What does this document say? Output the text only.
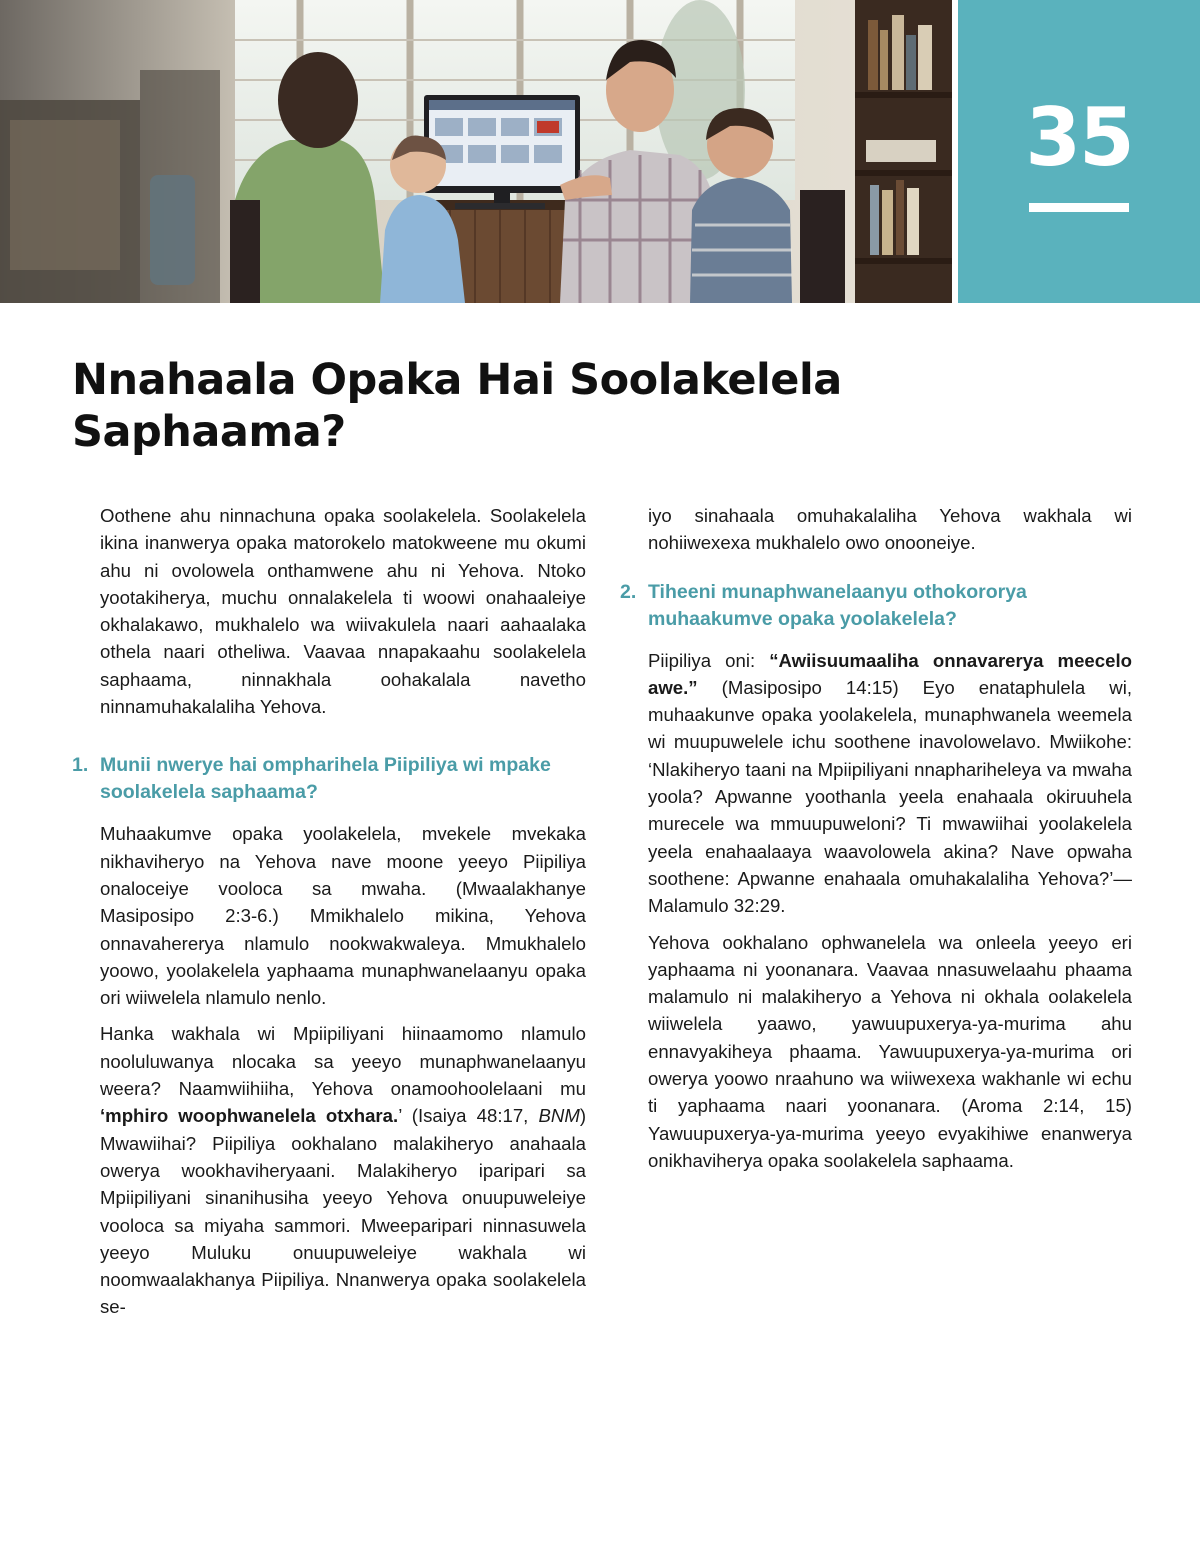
35
Nnahaala Opaka Hai Soolakelela
Saphaama?

Oothene ahu ninnachuna opaka soolakelela. Soolakelela ikina inanwerya opaka matorokelo matokweene mu okumi ahu ni ovolowela onthamwene ahu ni Yehova. Ntoko yootakiherya, muchu onnalakelela ti woowi onahaaleiye okhalakawo, mukhalelo wa wiivakulela naari aahaalaka othela naari otheliwa. Vaavaa nnapakaahu soolakelela saphaama, ninnakhala oohakalala navetho ninnamuhakalaliha Yehova.

1. Munii nwerye hai ompharihela Piipiliya wi mpake soolakelela saphaama?

Muhaakumve opaka yoolakelela, mvekele mvekaka nikhaviheryo na Yehova nave moone yeeyo Piipiliya onaloceiye vooloca sa mwaha. (Mwaalakhanye Masiposipo 2:3-6.) Mmikhalelo mikina, Yehova onnavahererya nlamulo nookwakwaleya. Mmukhalelo yoowo, yoolakelela yaphaama munaphwanelaanyu opaka ori wiiwelela nlamulo nenlo.

Hanka wakhala wi Mpiipiliyani hiinaamomo nlamulo nooluluwanya nlocaka sa yeeyo munaphwanelaanyu weera? Naamwiihiiha, Yehova onamoohoolelaani mu ‘mphiro woophwanelela otxhara.’ (Isaiya 48:17, BNM) Mwawiihai? Piipiliya ookhalano malakiheryo anahaala owerya wookhaviheryaani. Malakiheryo iparipari sa Mpiipiliyani sinanihusiha yeeyo Yehova onuupuweleiye vooloca sa miyaha sammori. Mweeparipari ninnasuwela yeeyo Muluku onuupuweleiye wakhala wi noomwaalakhanya Piipiliya. Nnanwerya opaka soolakelela se-

iyo sinahaala omuhakalaliha Yehova wakhala wi nohiiwexexa mukhalelo owo onooneiye.

2. Tiheeni munaphwanelaanyu othokororya muhaakumve opaka yoolakelela?

Piipiliya oni: “Awiisuumaaliha onnavarerya meecelo awe.” (Masiposipo 14:15) Eyo enataphulela wi, muhaakunve opaka yoolakelela, munaphwanela weemela wi muupuwelele ichu soothene inavolowelavo. Mwiikohe: ‘Nlakiheryo taani na Mpiipiliyani nnaphariheleya va mwaha yoola? Apwanne yoothanla yeela enahaala okiruuhela murecele wa mmuupuweloni? Ti mwawiihai yoolakelela yeela enahaalaaya waavolowela akina? Nave opwaha soothene: Apwanne enahaala omuhakalaliha Yehova?’—Malamulo 32:29.

Yehova ookhalano ophwanelela wa onleela yeeyo eri yaphaama ni yoonanara. Vaavaa nnasuwelaahu phaama malamulo ni malakiheryo a Yehova ni okhala oolakelela wiiwelela yaawo, yawuupuxerya-ya-murima ahu ennavyakiheya phaama. Yawuupuxerya-ya-murima ori owerya yoowo nraahuno wa wiiwexexa wakhanle wi echu ti yaphaama naari yoonanara. (Aroma 2:14, 15) Yawuupuxerya-ya-murima yeeyo evyakihiwe enanwerya onikhaviherya opaka soolakelela saphaama.
